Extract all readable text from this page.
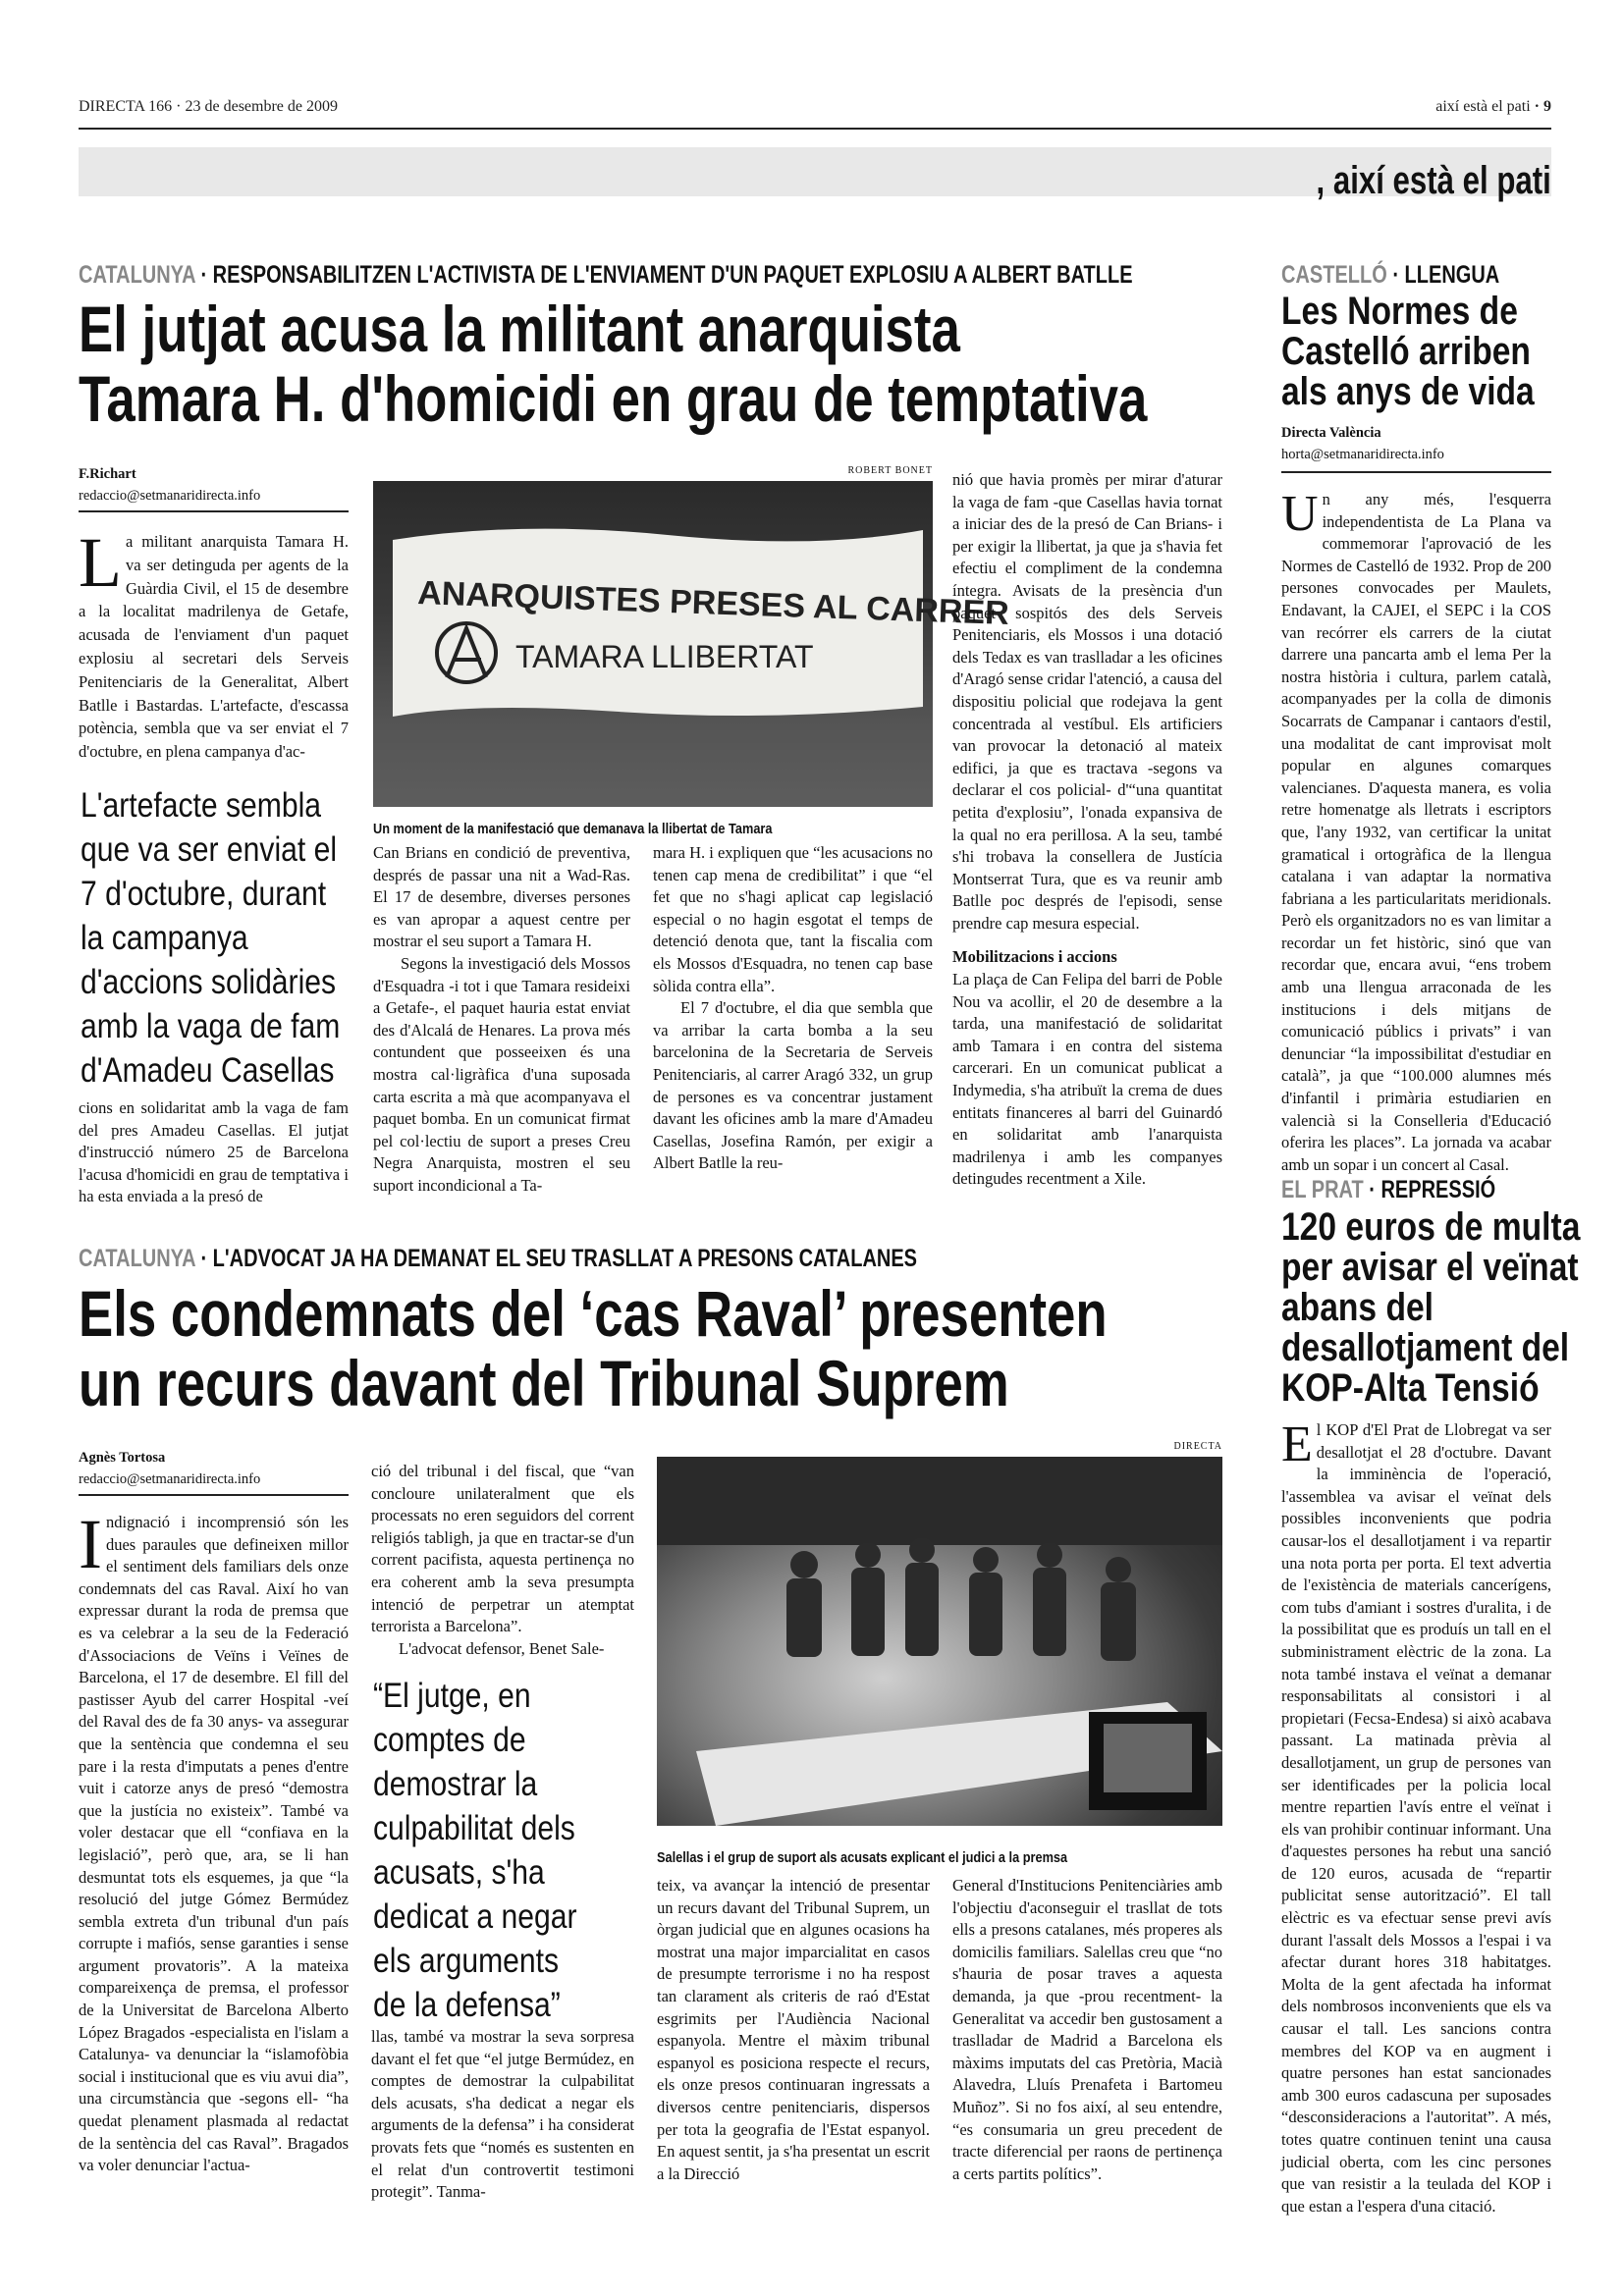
DIRECTA 166 · 23 de desembre de 2009	així està el pati · 9
, així està el pati
CATALUNYA · RESPONSABILITZEN L'ACTIVISTA DE L'ENVIAMENT D'UN PAQUET EXPLOSIU A ALBERT BATLLE
El jutjat acusa la militant anarquista
Tamara H. d'homicidi en grau de temptativa
F.Richart
redaccio@setmanaridirecta.info
L a militant anarquista Tamara H. va ser detinguda per agents de la Guàrdia Civil, el 15 de desembre a la localitat madrilenya de Getafe, acusada de l'enviament d'un paquet explosiu al secretari dels Serveis Penitenciaris de la Generalitat, Albert Batlle i Bastardas. L'artefacte, d'escassa potència, sembla que va ser enviat el 7 d'octubre, en plena campanya d'ac-

L'artefacte sembla
que va ser enviat el
7 d'octubre, durant
la campanya
d'accions solidàries
amb la vaga de fam
d'Amadeu Casellas

cions en solidaritat amb la vaga de fam del pres Amadeu Casellas. El jutjat d'instrucció número 25 de Barcelona l'acusa d'homicidi en grau de temptativa i ha esta enviada a la presó de

ROBERT BONET
ANARQUISTES PRESES AL CARRER
TAMARA LLIBERTAT
Un moment de la manifestació que demanava la llibertat de Tamara

Can Brians en condició de preventiva, després de passar una nit a Wad-Ras. El 17 de desembre, diverses persones es van apropar a aquest centre per mostrar el seu suport a Tamara H.

Segons la investigació dels Mossos d'Esquadra -i tot i que Tamara resideixi a Getafe-, el paquet hauria estat enviat des d'Alcalá de Henares. La prova més contundent que posseeixen és una mostra cal·ligràfica d'una suposada carta escrita a mà que acompanyava el paquet bomba. En un comunicat firmat pel col·lectiu de suport a preses Creu Negra Anarquista, mostren el seu suport incondicional a Ta-

mara H. i expliquen que “les acusacions no tenen cap mena de credibilitat” i que “el fet que no s'hagi aplicat cap legislació especial o no hagin esgotat el temps de detenció denota que, tant la fiscalia com els Mossos d'Esquadra, no tenen cap base sòlida contra ella”.

El 7 d'octubre, el dia que sembla que va arribar la carta bomba a la seu barcelonina de la Secretaria de Serveis Penitenciaris, al carrer Aragó 332, un grup de persones es va concentrar justament davant les oficines amb la mare d'Amadeu Casellas, Josefina Ramón, per exigir a Albert Batlle la reu-

nió que havia promès per mirar d'aturar la vaga de fam -que Casellas havia tornat a iniciar des de la presó de Can Brians- i per exigir la llibertat, ja que ja s'havia fet efectiu el compliment de la condemna íntegra. Avisats de la presència d'un paquet sospitós des dels Serveis Penitenciaris, els Mossos i una dotació dels Tedax es van traslladar a les oficines d'Aragó sense cridar l'atenció, a causa del dispositiu policial que rodejava la gent concentrada al vestíbul. Els artificiers van provocar la detonació al mateix edifici, ja que es tractava -segons va declarar el cos policial- d'“una quantitat petita d'explosiu”, l'onada expansiva de la qual no era perillosa. A la seu, també s'hi trobava la consellera de Justícia Montserrat Tura, que es va reunir amb Batlle poc després de l'episodi, sense prendre cap mesura especial.

Mobilitzacions i accions

La plaça de Can Felipa del barri de Poble Nou va acollir, el 20 de desembre a la tarda, una manifestació de solidaritat amb Tamara i en contra del sistema carcerari. En un comunicat publicat a Indymedia, s'ha atribuït la crema de dues entitats financeres al barri del Guinardó en solidaritat amb l'anarquista madrilenya i amb les companyes detingudes recentment a Xile.

CATALUNYA · L'ADVOCAT JA HA DEMANAT EL SEU TRASLLAT A PRESONS CATALANES
Els condemnats del ‘cas Raval’ presenten
un recurs davant del Tribunal Suprem
Agnès Tortosa
redaccio@setmanaridirecta.info
I ndignació i incomprensió són les dues paraules que defineixen millor el sentiment dels familiars dels onze condemnats del cas Raval. Així ho van expressar durant la roda de premsa que es va celebrar a la seu de la Federació d'Associacions de Veïns i Veïnes de Barcelona, el 17 de desembre. El fill del pastisser Ayub del carrer Hospital -veí del Raval des de fa 30 anys- va assegurar que la sentència que condemna el seu pare i la resta d'imputats a penes d'entre vuit i catorze anys de presó “demostra que la justícia no existeix”. També va voler destacar que ell “confiava en la legislació”, però que, ara, se li han desmuntat tots els esquemes, ja que “la resolució del jutge Gómez Bermúdez sembla extreta d'un tribunal d'un país corrupte i mafiós, sense garanties i sense argument provatoris”. A la mateixa compareixença de premsa, el professor de la Universitat de Barcelona Alberto López Bragados -especialista en l'islam a Catalunya- va denunciar la “islamofòbia social i institucional que es viu avui dia”, una circumstància que -segons ell- “ha quedat plenament plasmada al redactat de la sentència del cas Raval”. Bragados va voler denunciar l'actua-

ció del tribunal i del fiscal, que “van concloure unilateralment que els processats no eren seguidors del corrent religiós tabligh, ja que en tractar-se d'un corrent pacifista, aquesta pertinença no era coherent amb la seva presumpta intenció de perpetrar un atemptat terrorista a Barcelona”.

L'advocat defensor, Benet Sale-

“El jutge, en
comptes de
demostrar la
culpabilitat dels
acusats, s'ha
dedicat a negar
els arguments
de la defensa”

llas, també va mostrar la seva sorpresa davant el fet que “el jutge Bermúdez, en comptes de demostrar la culpabilitat dels acusats, s'ha dedicat a negar els arguments de la defensa” i ha considerat provats fets que “només es sustenten en el relat d'un controvertit testimoni protegit”. Tanma-

DIRECTA
Salellas i el grup de suport als acusats explicant el judici a la premsa

teix, va avançar la intenció de presentar un recurs davant del Tribunal Suprem, un òrgan judicial que en algunes ocasions ha mostrat una major imparcialitat en casos de presumpte terrorisme i no ha respost tan clarament als criteris de raó d'Estat esgrimits per l'Audiència Nacional espanyola. Mentre el màxim tribunal espanyol es posiciona respecte el recurs, els onze presos continuaran ingressats a diversos centre penitenciaris, dispersos per tota la geografia de l'Estat espanyol. En aquest sentit, ja s'ha presentat un escrit a la Direcció

General d'Institucions Penitenciàries amb l'objectiu d'aconseguir el trasllat de tots ells a presons catalanes, més properes als domicilis familiars. Salellas creu que “no s'hauria de posar traves a aquesta demanda, ja que -prou recentment- la Generalitat va accedir ben gustosament a traslladar de Madrid a Barcelona els màxims imputats del cas Pretòria, Macià Alavedra, Lluís Prenafeta i Bartomeu Muñoz”. Si no fos així, al seu entendre, “es consumaria un greu precedent de tracte diferencial per raons de pertinença a certs partits polítics”.

CASTELLÓ · LLENGUA
Les Normes de
Castelló arriben
als anys de vida
Directa València
horta@setmanaridirecta.info
U n any més, l'esquerra independentista de La Plana va commemorar l'aprovació de les Normes de Castelló de 1932. Prop de 200 persones convocades per Maulets, Endavant, la CAJEI, el SEPC i la COS van recórrer els carrers de la ciutat darrere una pancarta amb el lema Per la nostra història i cultura, parlem català, acompanyades per la colla de dimonis Socarrats de Campanar i cantaors d'estil, una modalitat de cant improvisat molt popular en algunes comarques valencianes. D'aquesta manera, es volia retre homenatge als lletrats i escriptors que, l'any 1932, van certificar la unitat gramatical i ortogràfica de la llengua catalana i van adaptar la normativa fabriana a les particularitats meridionals. Però els organitzadors no es van limitar a recordar un fet històric, sinó que van recordar que, encara avui, “ens trobem amb una llengua arraconada de les institucions i dels mitjans de comunicació públics i privats” i van denunciar “la impossibilitat d'estudiar en català”, ja que “100.000 alumnes més d'infantil i primària estudiarien en valencià si la Conselleria d'Educació oferira les places”. La jornada va acabar amb un sopar i un concert al Casal.

EL PRAT · REPRESSIÓ
120 euros de multa
per avisar el veïnat
abans del
desallotjament del
KOP-Alta Tensió
E l KOP d'El Prat de Llobregat va ser desallotjat el 28 d'octubre. Davant la imminència de l'operació, l'assemblea va avisar el veïnat dels possibles inconvenients que podria causar-los el desallotjament i va repartir una nota porta per porta. El text advertia de l'existència de materials cancerígens, com tubs d'amiant i sostres d'uralita, i de la possibilitat que es produís un tall en el subministrament elèctric de la zona. La nota també instava el veïnat a demanar responsabilitats al consistori i al propietari (Fecsa-Endesa) si això acabava passant. La matinada prèvia al desallotjament, un grup de persones van ser identificades per la policia local mentre repartien l'avís entre el veïnat i els van prohibir continuar informant. Una d'aquestes persones ha rebut una sanció de 120 euros, acusada de “repartir publicitat sense autorització”. El tall elèctric es va efectuar sense previ avís durant l'assalt dels Mossos a l'espai i va afectar durant hores 318 habitatges. Molta de la gent afectada ha informat dels nombrosos inconvenients que els va causar el tall. Les sancions contra membres del KOP va en augment i quatre persones han estat sancionades amb 300 euros cadascuna per suposades “desconsideracions a l'autoritat”. A més, totes quatre continuen tenint una causa judicial oberta, com les cinc persones que van resistir a la teulada del KOP i que estan a l'espera d'una citació.
